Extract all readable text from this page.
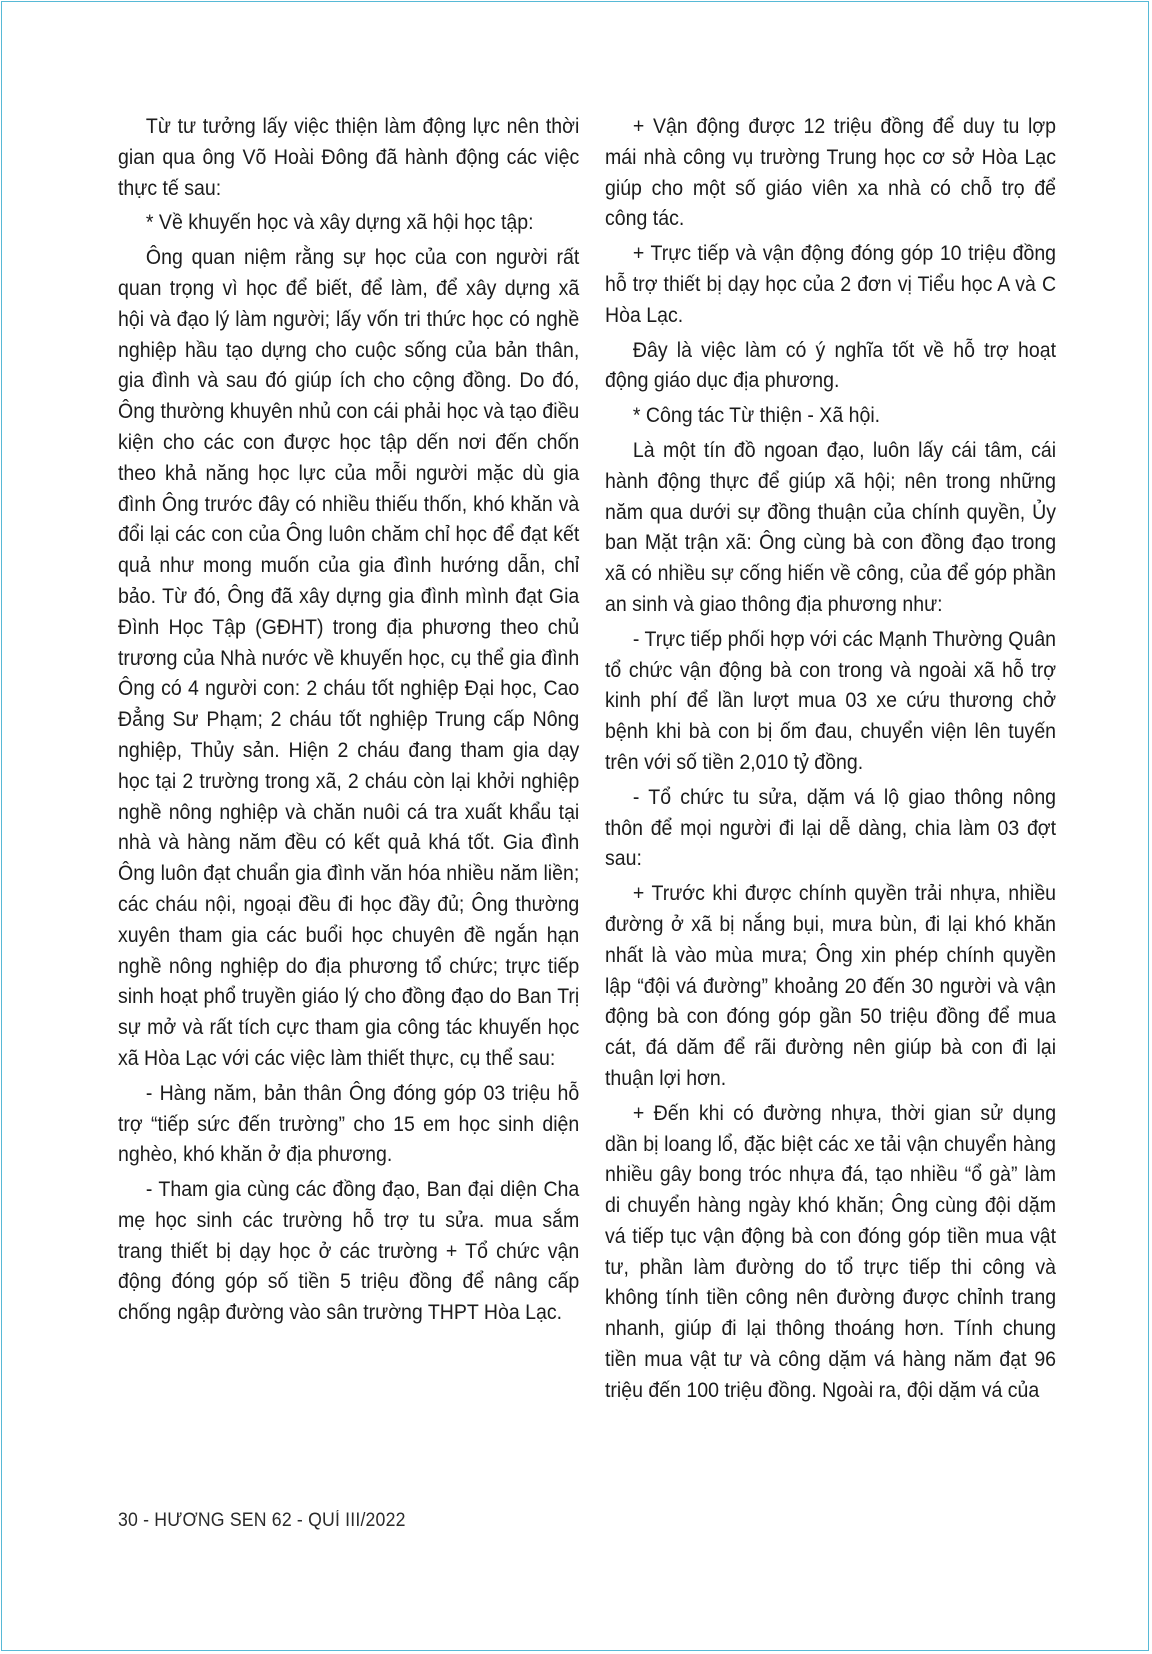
Từ tư tưởng lấy việc thiện làm động lực nên thời gian qua ông Võ Hoài Đông đã hành động các việc thực tế sau:

* Về khuyến học và xây dựng xã hội học tập:

Ông quan niệm rằng sự học của con người rất quan trọng vì học để biết, để làm, để xây dựng xã hội và đạo lý làm người; lấy vốn tri thức học có nghề nghiệp hầu tạo dựng cho cuộc sống của bản thân, gia đình và sau đó giúp ích cho cộng đồng. Do đó, Ông thường khuyên nhủ con cái phải học và tạo điều kiện cho các con được học tập dến nơi đến chốn theo khả năng học lực của mỗi người mặc dù gia đình Ông trước đây có nhiều thiếu thốn, khó khăn và đổi lại các con của Ông luôn chăm chỉ học để đạt kết quả như mong muốn của gia đình hướng dẫn, chỉ bảo. Từ đó, Ông đã xây dựng gia đình mình đạt Gia Đình Học Tập (GĐHT) trong địa phương theo chủ trương của Nhà nước về khuyến học, cụ thể gia đình Ông có 4 người con: 2 cháu tốt nghiệp Đại học, Cao Đẳng Sư Phạm; 2 cháu tốt nghiệp Trung cấp Nông nghiệp, Thủy sản. Hiện 2 cháu đang tham gia dạy học tại 2 trường trong xã, 2 cháu còn lại khởi nghiệp nghề nông nghiệp và chăn nuôi cá tra xuất khẩu tại nhà và hàng năm đều có kết quả khá tốt. Gia đình Ông luôn đạt chuẩn gia đình văn hóa nhiều năm liền; các cháu nội, ngoại đều đi học đầy đủ; Ông thường xuyên tham gia các buổi học chuyên đề ngắn hạn nghề nông nghiệp do địa phương tổ chức; trực tiếp sinh hoạt phổ truyền giáo lý cho đồng đạo do Ban Trị sự mở và rất tích cực tham gia công tác khuyến học xã Hòa Lạc với các việc làm thiết thực, cụ thể sau:

- Hàng năm, bản thân Ông đóng góp 03 triệu hỗ trợ “tiếp sức đến trường” cho 15 em học sinh diện nghèo, khó khăn ở địa phương.

- Tham gia cùng các đồng đạo, Ban đại diện Cha mẹ học sinh các trường hỗ trợ tu sửa. mua sắm trang thiết bị dạy học ở các trường + Tổ chức vận động đóng góp số tiền 5 triệu đồng để nâng cấp chống ngập đường vào sân trường THPT Hòa Lạc.

+ Vận động được 12 triệu đồng để duy tu lợp mái nhà công vụ trường Trung học cơ sở Hòa Lạc giúp cho một số giáo viên xa nhà có chỗ trọ để công tác.

+ Trực tiếp và vận động đóng góp 10 triệu đồng hỗ trợ thiết bị dạy học của 2 đơn vị Tiểu học A và C Hòa Lạc.

Đây là việc làm có ý nghĩa tốt về hỗ trợ hoạt động giáo dục địa phương.

* Công tác Từ thiện - Xã hội.

Là một tín đồ ngoan đạo, luôn lấy cái tâm, cái hành động thực để giúp xã hội; nên trong những năm qua dưới sự đồng thuận của chính quyền, Ủy ban Mặt trận xã: Ông cùng bà con đồng đạo trong xã có nhiều sự cống hiến về công, của để góp phần an sinh và giao thông địa phương như:

- Trực tiếp phối hợp với các Mạnh Thường Quân tổ chức vận động bà con trong và ngoài xã hỗ trợ kinh phí để lần lượt mua 03 xe cứu thương chở bệnh khi bà con bị ốm đau, chuyển viện lên tuyến trên với số tiền 2,010 tỷ đồng.

- Tổ chức tu sửa, dặm vá lộ giao thông nông thôn để mọi người đi lại dễ dàng, chia làm 03 đợt sau:

+ Trước khi được chính quyền trải nhựa, nhiều đường ở xã bị nắng bụi, mưa bùn, đi lại khó khăn nhất là vào mùa mưa; Ông xin phép chính quyền lập “đội vá đường” khoảng 20 đến 30 người và vận động bà con đóng góp gần 50 triệu đồng để mua cát, đá dăm để rãi đường nên giúp bà con đi lại thuận lợi hơn.

+ Đến khi có đường nhựa, thời gian sử dụng dần bị loang lổ, đặc biệt các xe tải vận chuyển hàng nhiều gây bong tróc nhựa đá, tạo nhiều “ổ gà” làm di chuyển hàng ngày khó khăn; Ông cùng đội dặm vá tiếp tục vận động bà con đóng góp tiền mua vật tư, phần làm đường do tổ trực tiếp thi công và không tính tiền công nên đường được chỉnh trang nhanh, giúp đi lại thông thoáng hơn. Tính chung tiền mua vật tư và công dặm vá hàng năm đạt 96 triệu đến 100 triệu đồng. Ngoài ra, đội dặm vá của

30 - HƯƠNG SEN 62 - QUÍ III/2022
